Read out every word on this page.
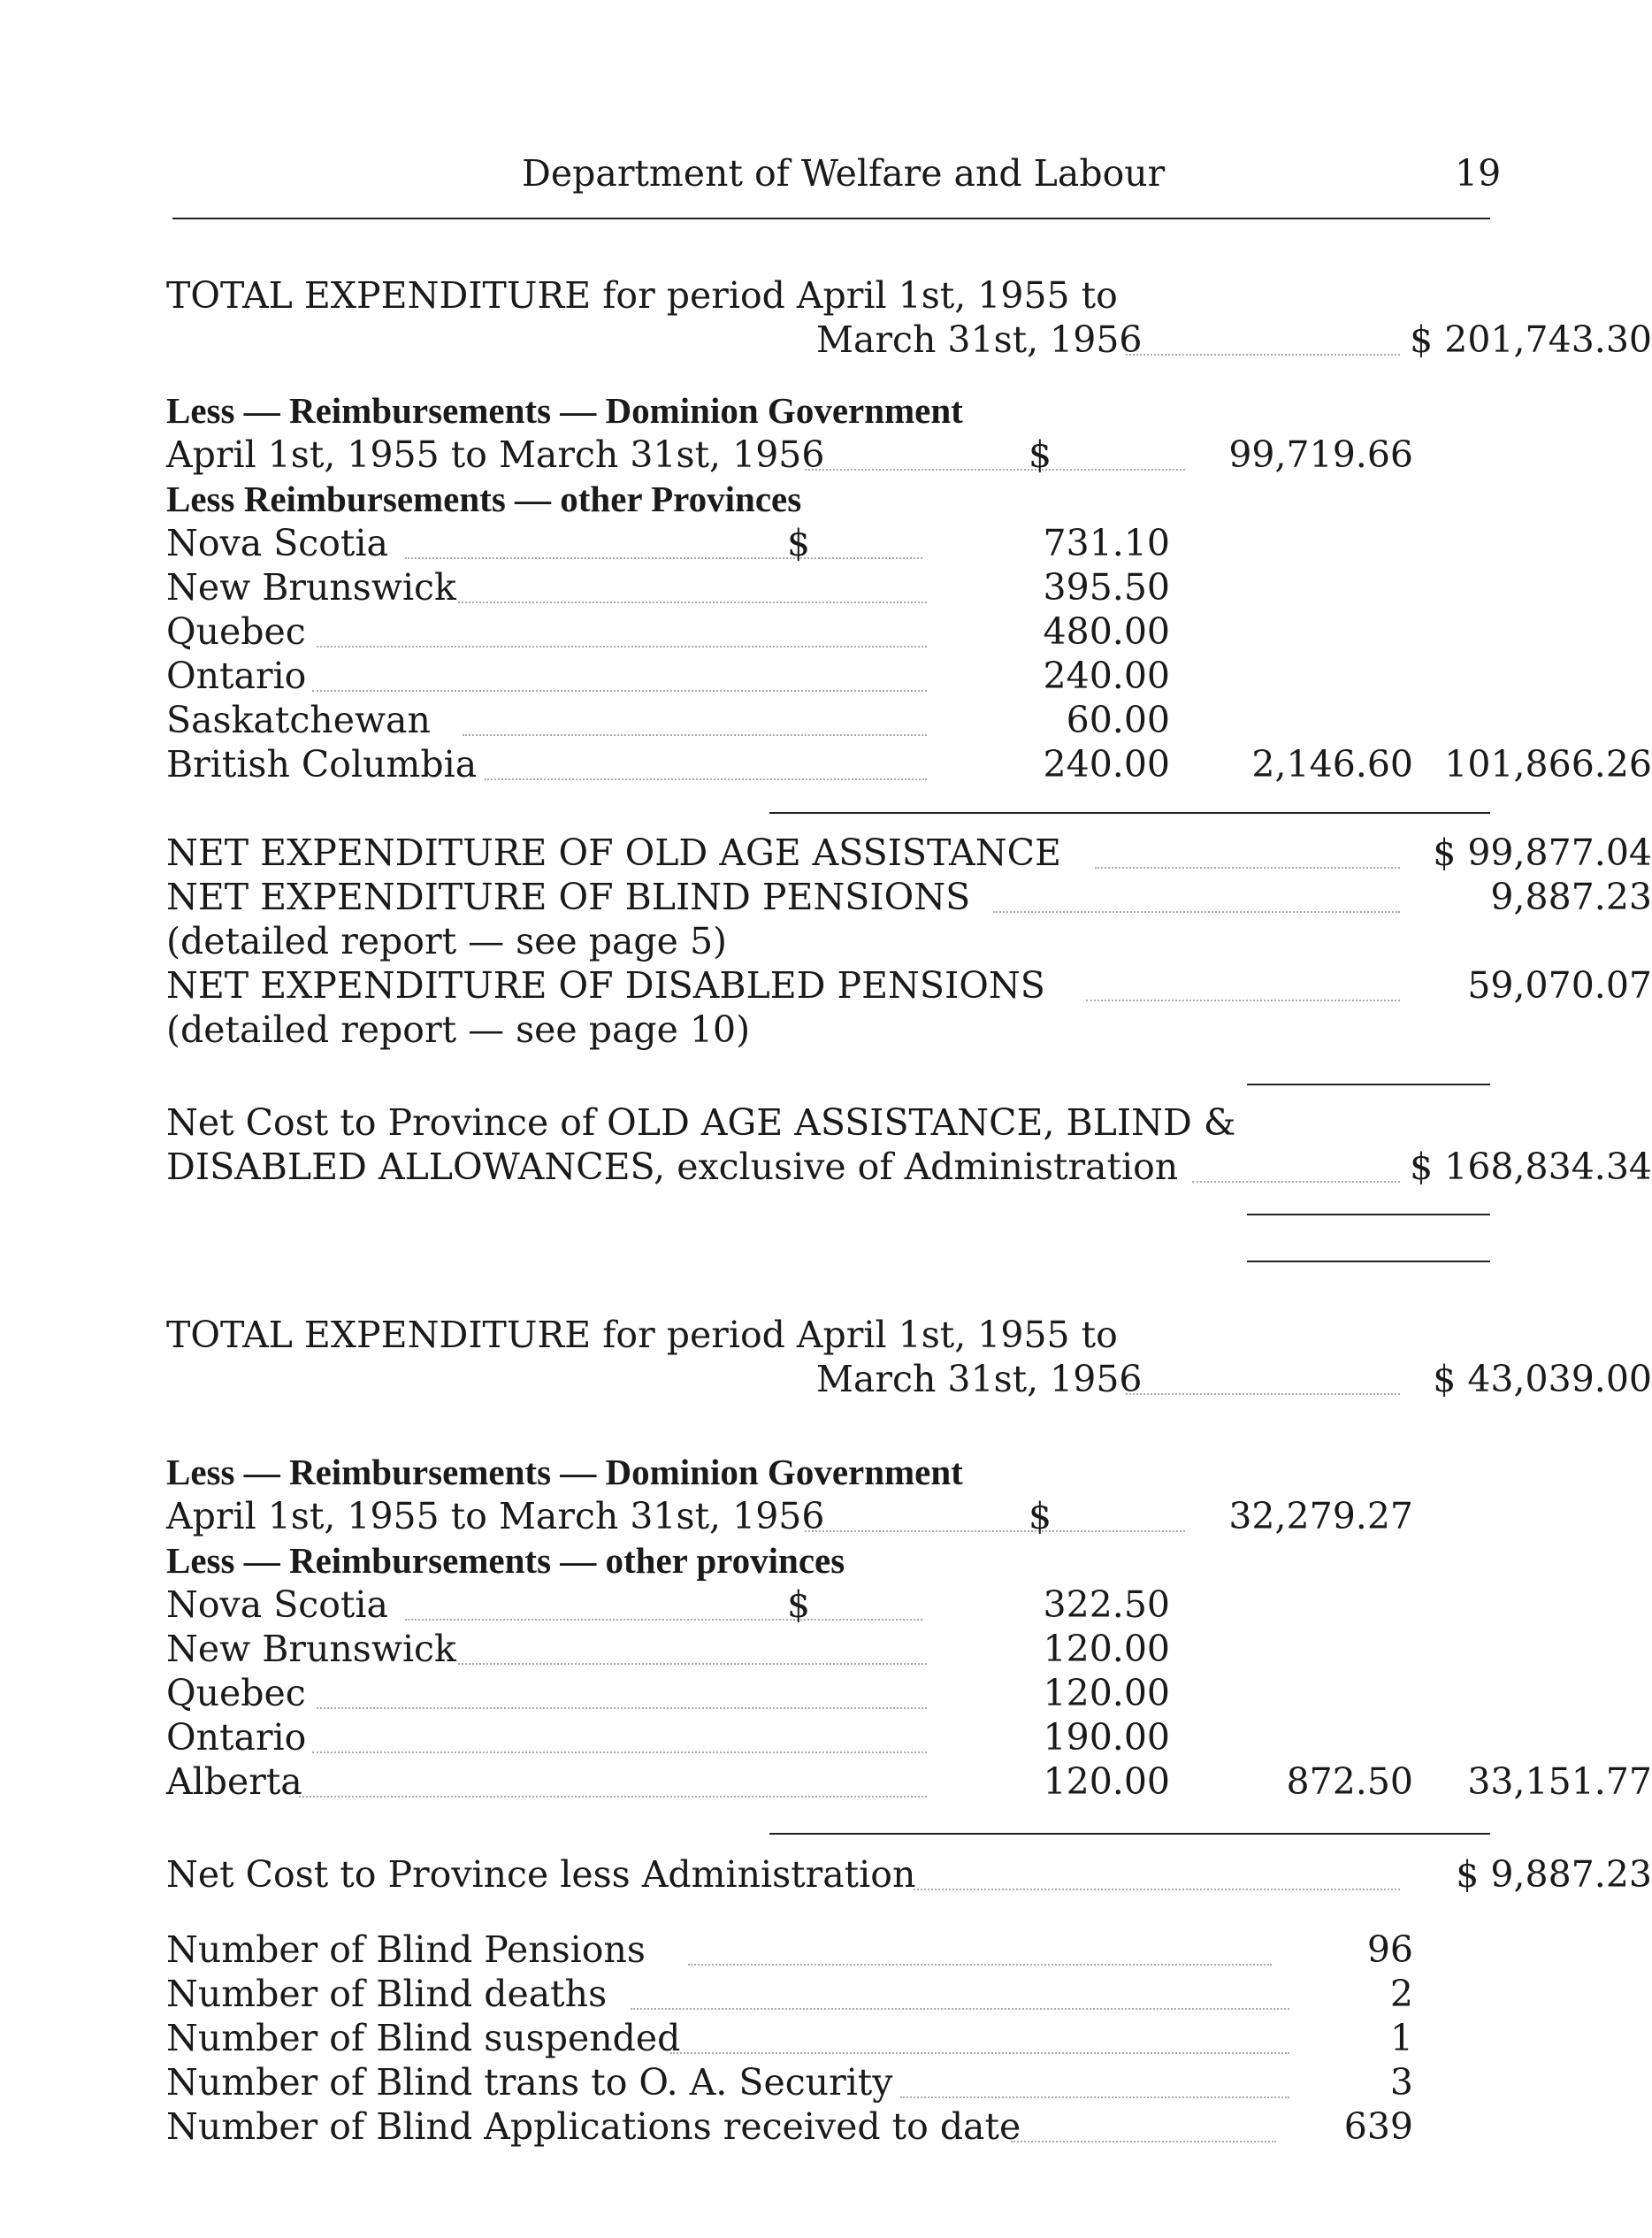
Department of Welfare and Labour	19
TOTAL EXPENDITURE for period April 1st, 1955 to
March 31st, 1956	$ 201,743.30
Less — Reimbursements — Dominion Government
April 1st, 1955 to March 31st, 1956	$	99,719.66
Less Reimbursements — other Provinces
Nova Scotia	$	731.10
New Brunswick	395.50
Quebec	480.00
Ontario	240.00
Saskatchewan	60.00
British Columbia	240.00	2,146.60 101,866.26
NET EXPENDITURE OF OLD AGE ASSISTANCE	$ 99,877.04
NET EXPENDITURE OF BLIND PENSIONS	9,887.23
(detailed report — see page 5)
NET EXPENDITURE OF DISABLED PENSIONS	59,070.07
(detailed report — see page 10)
Net Cost to Province of OLD AGE ASSISTANCE, BLIND &
DISABLED ALLOWANCES, exclusive of Administration	$ 168,834.34
TOTAL EXPENDITURE for period April 1st, 1955 to
March 31st, 1956	$ 43,039.00
Less — Reimbursements — Dominion Government
April 1st, 1955 to March 31st, 1956	$	32,279.27
Less — Reimbursements — other provinces
Nova Scotia	$	322.50
New Brunswick	120.00
Quebec	120.00
Ontario	190.00
Alberta	120.00	872.50	33,151.77
Net Cost to Province less Administration	$ 9,887.23
Number of Blind Pensions	96
Number of Blind deaths	2
Number of Blind suspended	1
Number of Blind trans to O. A. Security	3
Number of Blind Applications received to date	639
